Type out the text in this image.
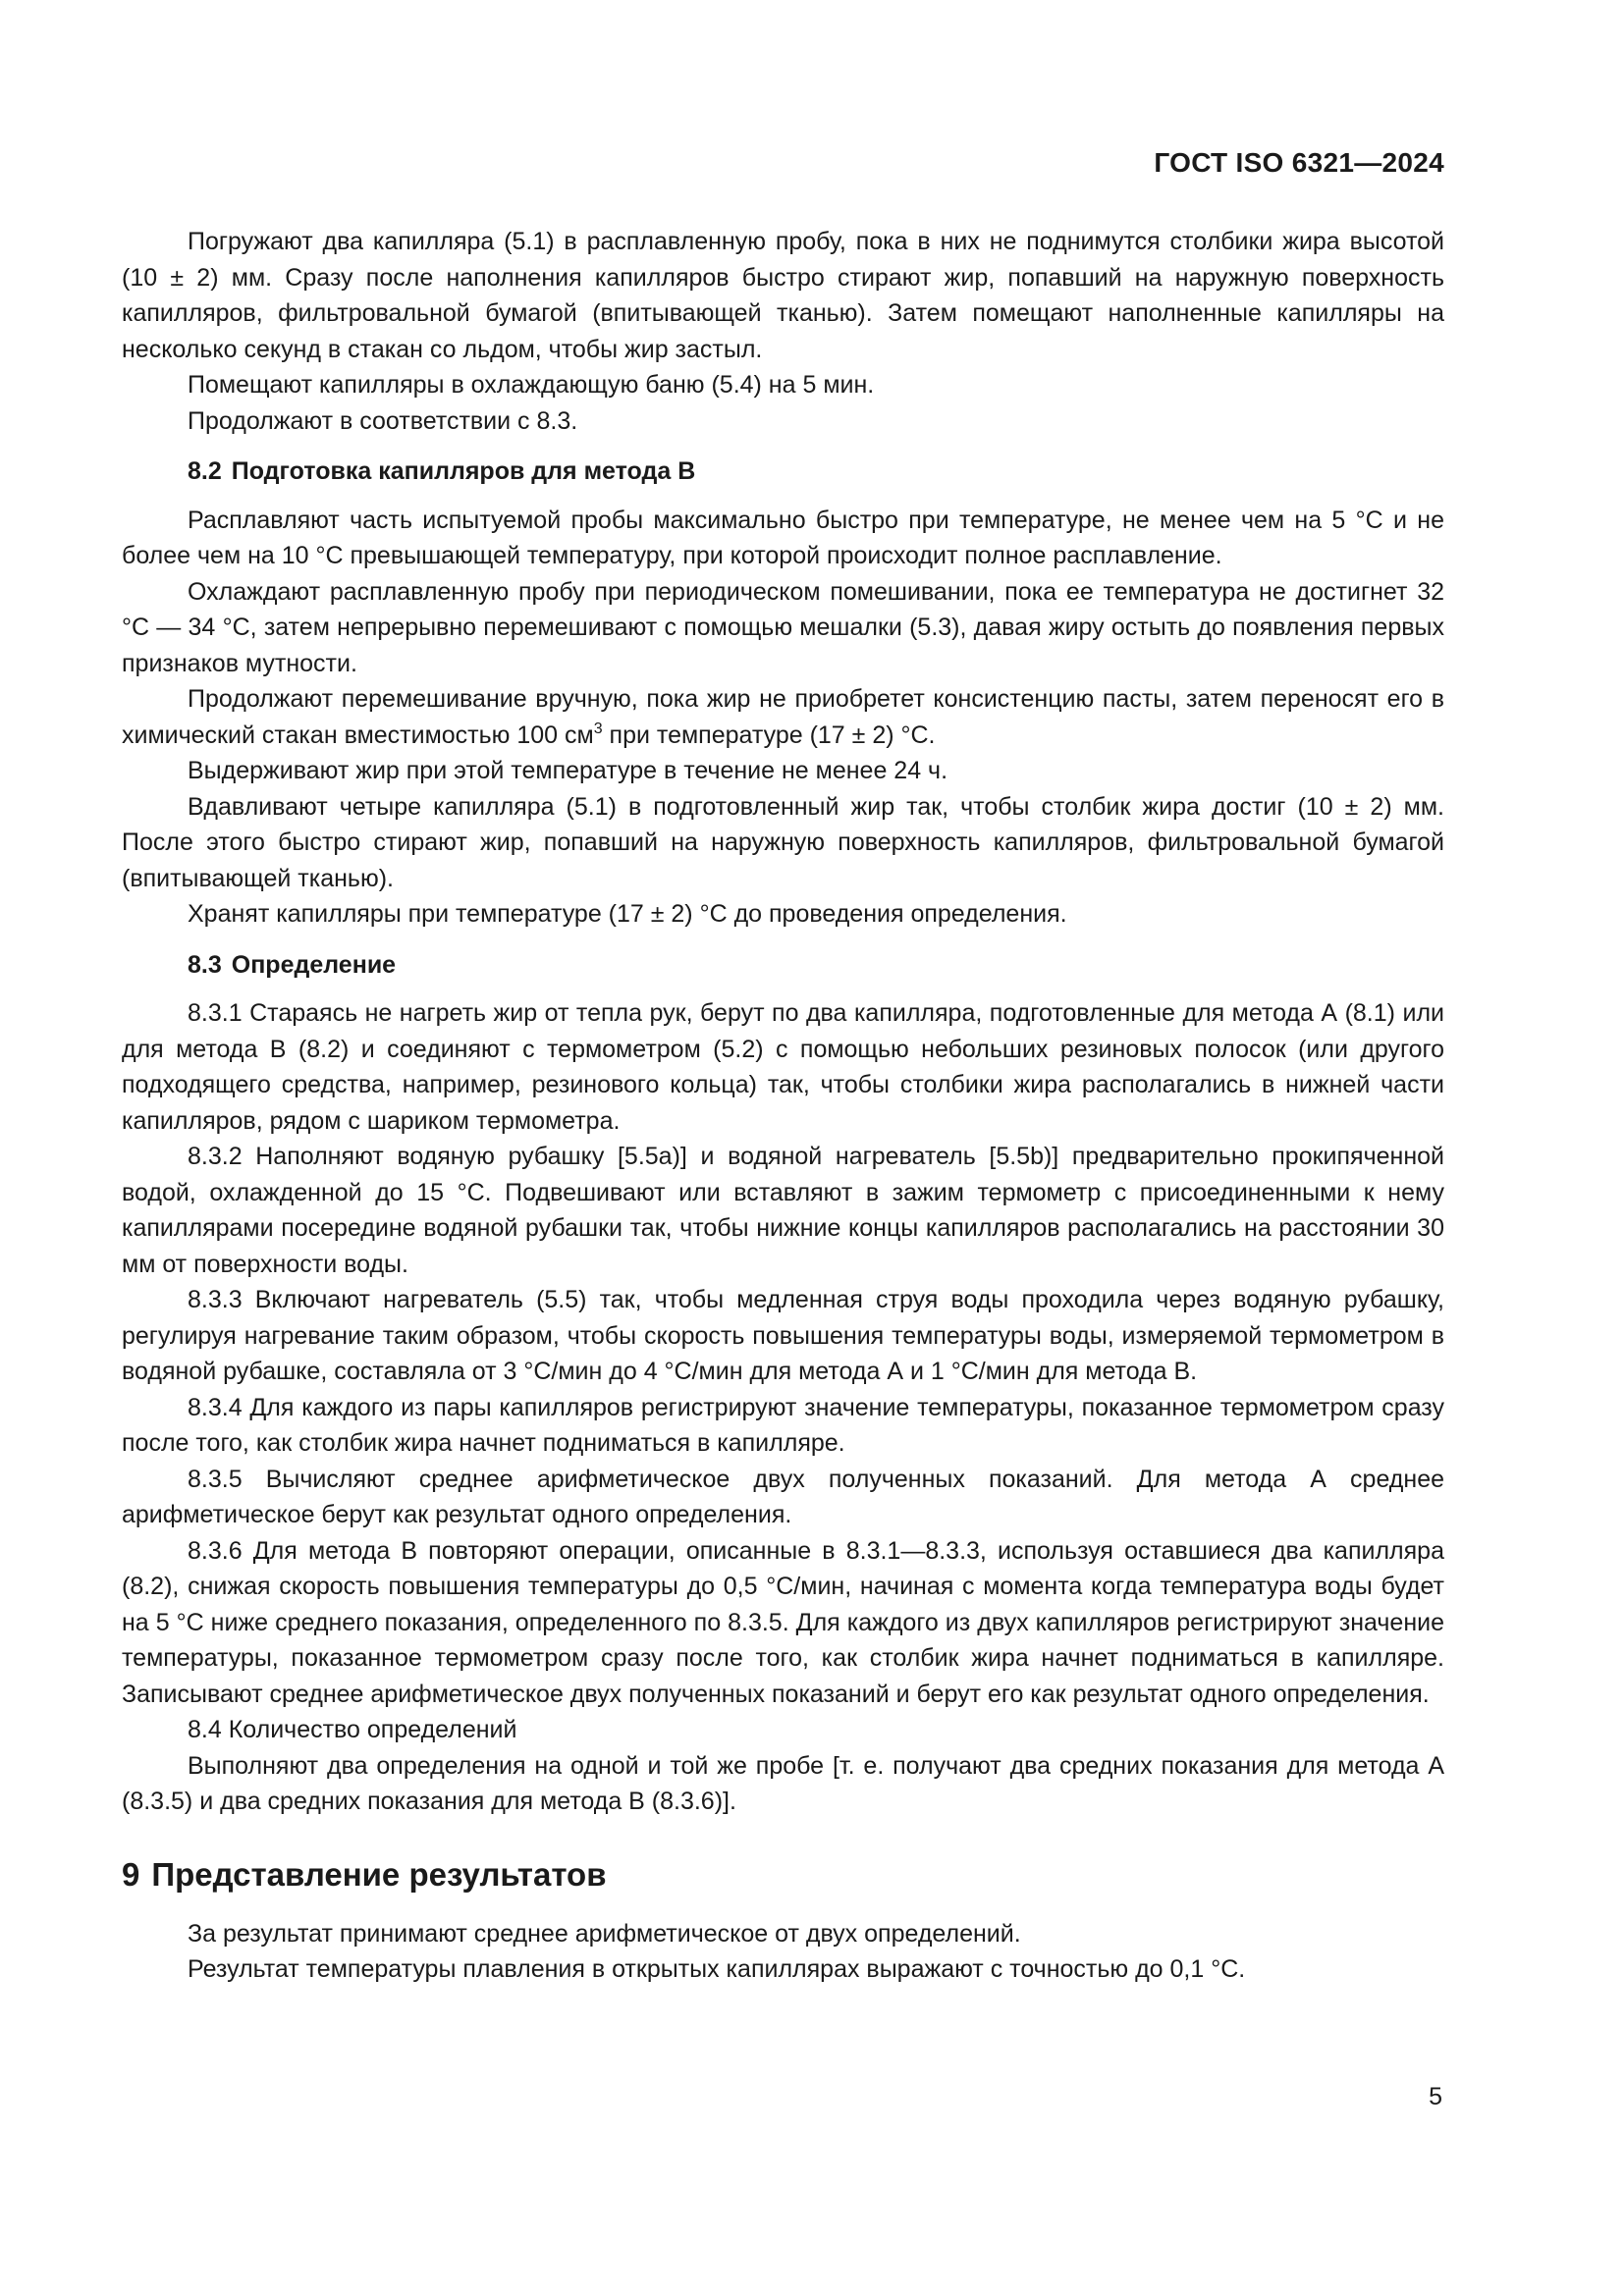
ГОСТ ISO 6321—2024

Погружают два капилляра (5.1) в расплавленную пробу, пока в них не поднимутся столбики жира высотой (10 ± 2) мм. Сразу после наполнения капилляров быстро стирают жир, попавший на наружную поверхность капилляров, фильтровальной бумагой (впитывающей тканью). Затем помещают наполненные капилляры на несколько секунд в стакан со льдом, чтобы жир застыл.

Помещают капилляры в охлаждающую баню (5.4) на 5 мин.

Продолжают в соответствии с 8.3.

8.2 Подготовка капилляров для метода В

Расплавляют часть испытуемой пробы максимально быстро при температуре, не менее чем на 5 °С и не более чем на 10 °С превышающей температуру, при которой происходит полное расплавление.

Охлаждают расплавленную пробу при периодическом помешивании, пока ее температура не достигнет 32 °С — 34 °С, затем непрерывно перемешивают с помощью мешалки (5.3), давая жиру остыть до появления первых признаков мутности.

Продолжают перемешивание вручную, пока жир не приобретет консистенцию пасты, затем переносят его в химический стакан вместимостью 100 $см^3$ при температуре (17 ± 2) °С.

Выдерживают жир при этой температуре в течение не менее 24 ч.

Вдавливают четыре капилляра (5.1) в подготовленный жир так, чтобы столбик жира достиг (10 ± 2) мм. После этого быстро стирают жир, попавший на наружную поверхность капилляров, фильтровальной бумагой (впитывающей тканью).

Хранят капилляры при температуре (17 ± 2) °С до проведения определения.

8.3 Определение

8.3.1 Стараясь не нагреть жир от тепла рук, берут по два капилляра, подготовленные для метода А (8.1) или для метода В (8.2) и соединяют с термометром (5.2) с помощью небольших резиновых полосок (или другого подходящего средства, например, резинового кольца) так, чтобы столбики жира располагались в нижней части капилляров, рядом с шариком термометра.

8.3.2 Наполняют водяную рубашку [5.5a)] и водяной нагреватель [5.5b)] предварительно прокипяченной водой, охлажденной до 15 °С. Подвешивают или вставляют в зажим термометр с присоединенными к нему капиллярами посередине водяной рубашки так, чтобы нижние концы капилляров располагались на расстоянии 30 мм от поверхности воды.

8.3.3 Включают нагреватель (5.5) так, чтобы медленная струя воды проходила через водяную рубашку, регулируя нагревание таким образом, чтобы скорость повышения температуры воды, измеряемой термометром в водяной рубашке, составляла от 3 °С/мин до 4 °С/мин для метода А и 1 °С/мин для метода В.

8.3.4 Для каждого из пары капилляров регистрируют значение температуры, показанное термометром сразу после того, как столбик жира начнет подниматься в капилляре.

8.3.5 Вычисляют среднее арифметическое двух полученных показаний. Для метода А среднее арифметическое берут как результат одного определения.

8.3.6 Для метода В повторяют операции, описанные в 8.3.1—8.3.3, используя оставшиеся два капилляра (8.2), снижая скорость повышения температуры до 0,5 °С/мин, начиная с момента когда температура воды будет на 5 °С ниже среднего показания, определенного по 8.3.5. Для каждого из двух капилляров регистрируют значение температуры, показанное термометром сразу после того, как столбик жира начнет подниматься в капилляре. Записывают среднее арифметическое двух полученных показаний и берут его как результат одного определения.

8.4 Количество определений

Выполняют два определения на одной и той же пробе [т. е. получают два средних показания для метода А (8.3.5) и два средних показания для метода В (8.3.6)].

9 Представление результатов

За результат принимают среднее арифметическое от двух определений.

Результат температуры плавления в открытых капиллярах выражают с точностью до 0,1 °С.

5
